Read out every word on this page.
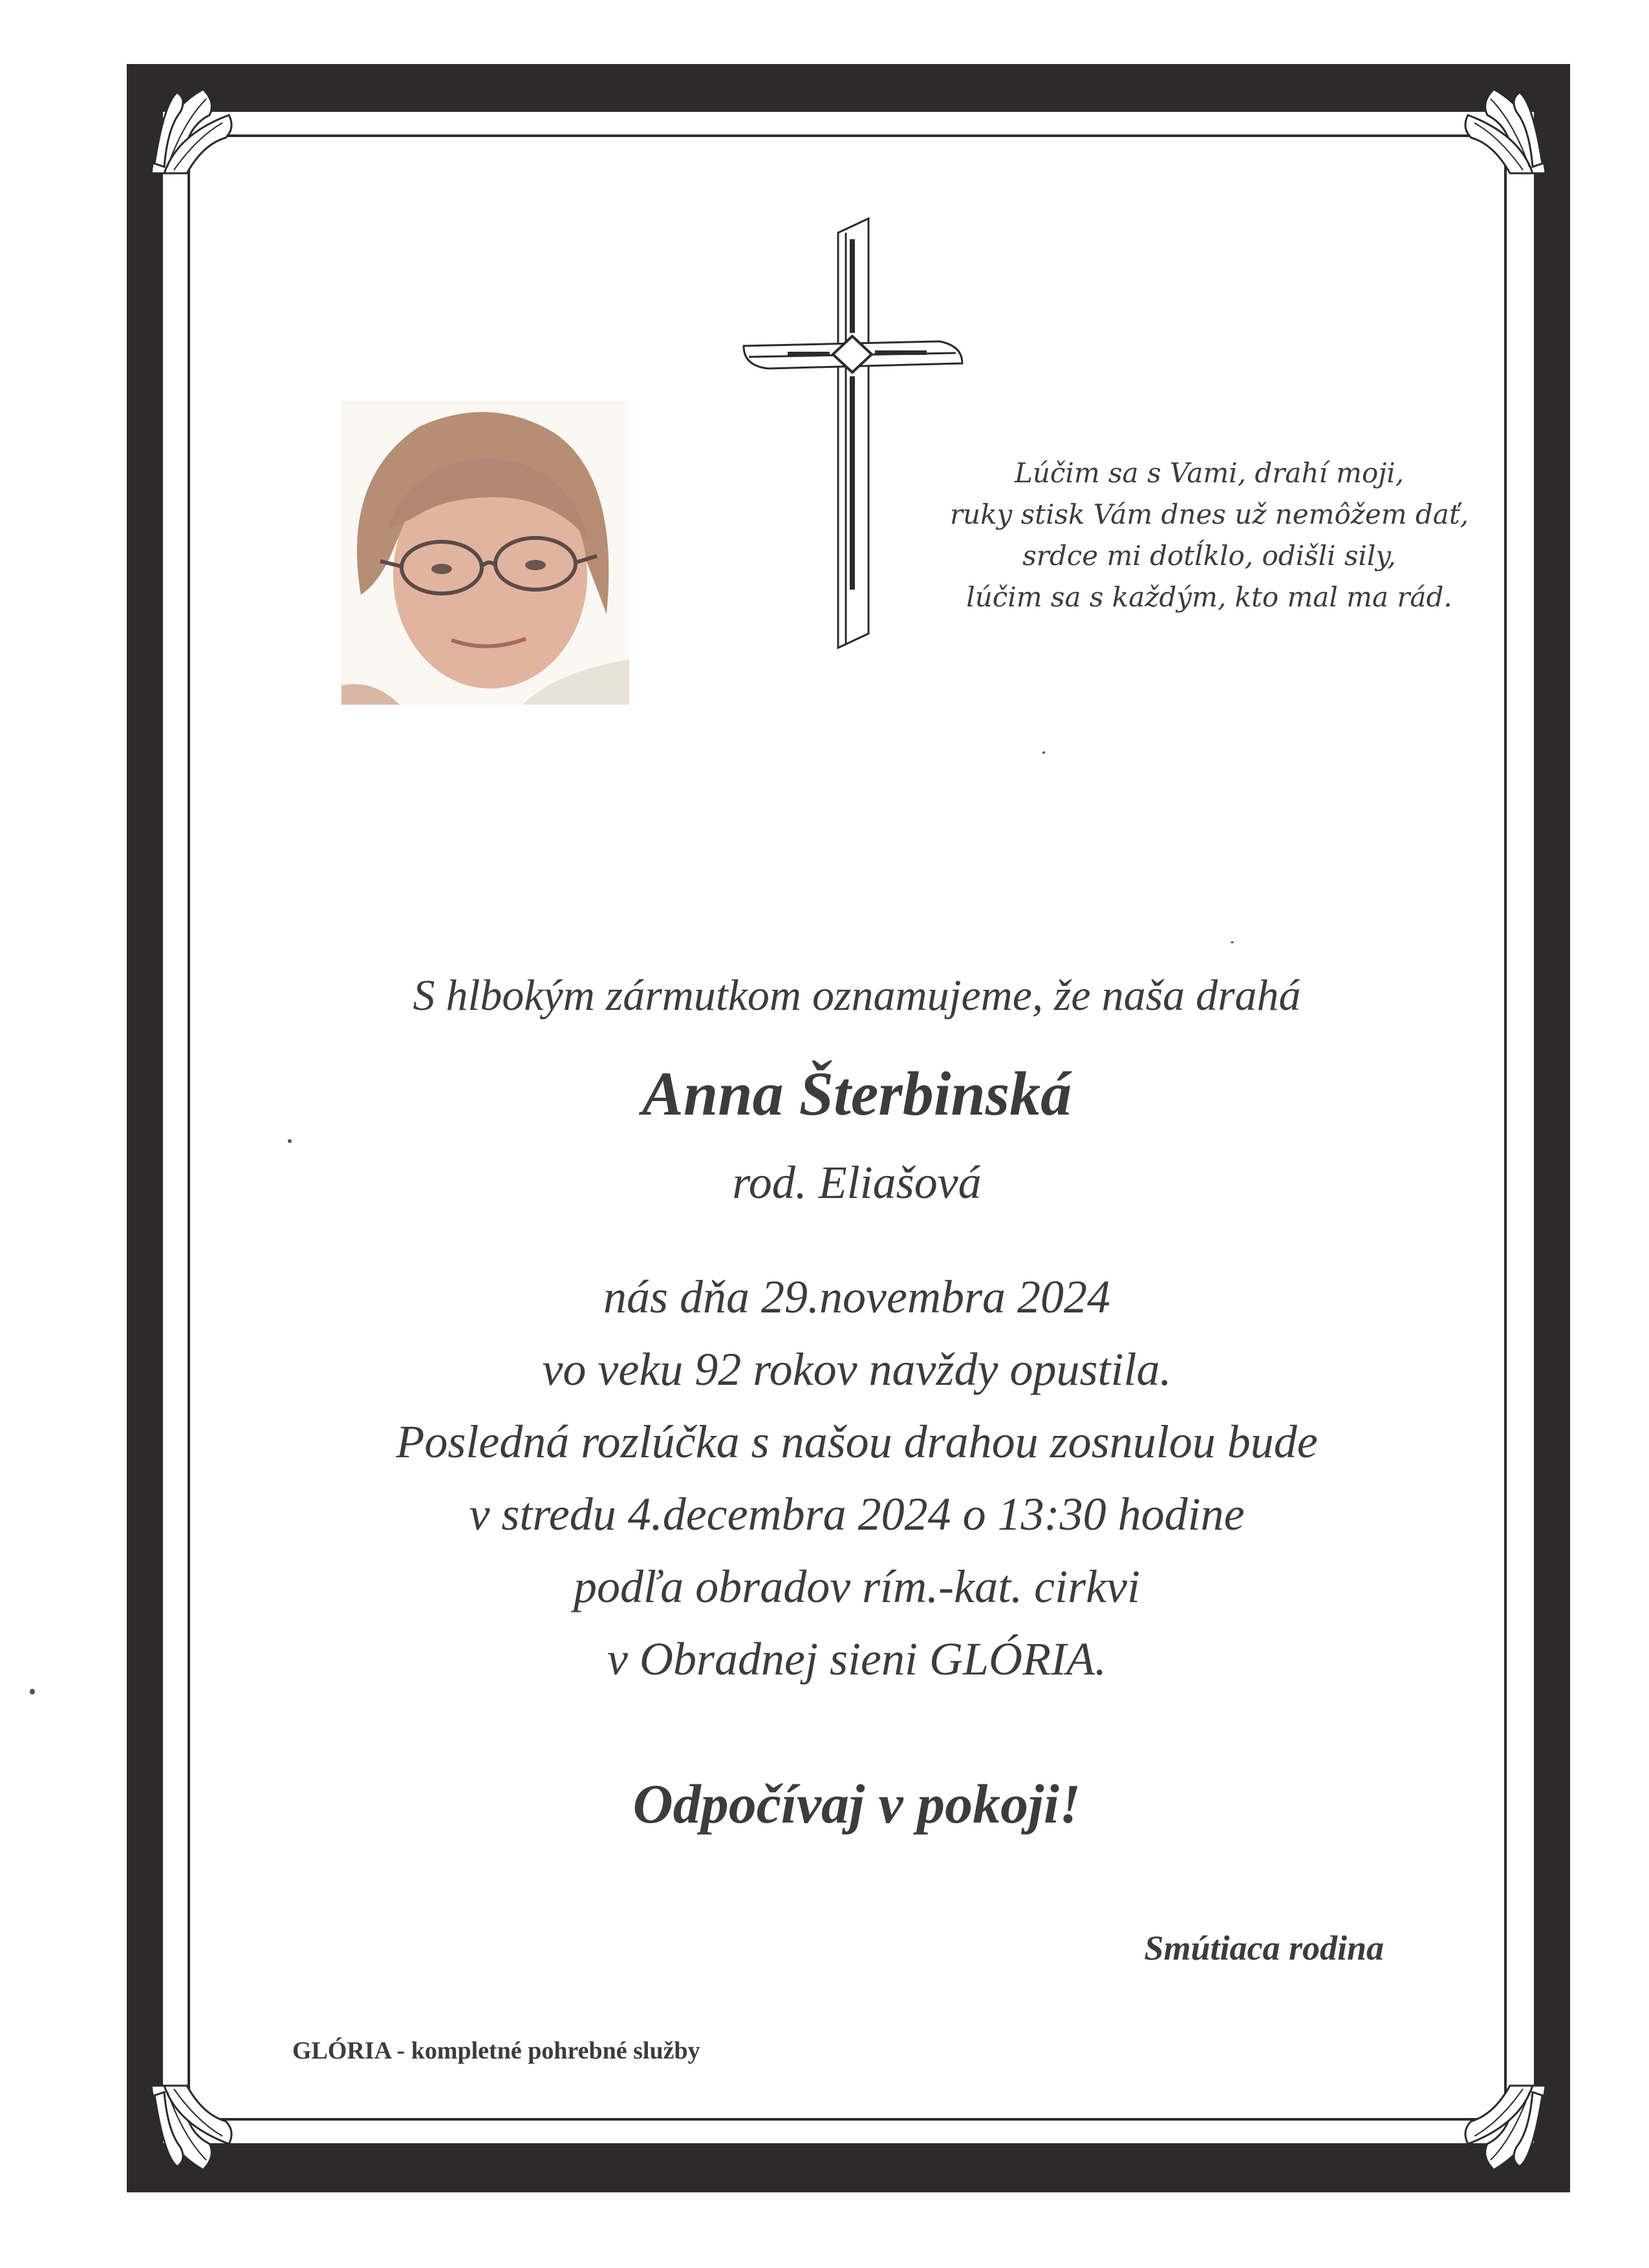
Lúčim sa s Vami, drahí moji,
ruky stisk Vám dnes už nemôžem dať,
srdce mi dotĺklo, odišli sily,
lúčim sa s každým, kto mal ma rád.
S hlbokým zármutkom oznamujeme, že naša drahá
Anna Šterbinská
rod. Eliašová
nás dňa 29.novembra 2024
vo veku 92 rokov navždy opustila.
Posledná rozlúčka s našou drahou zosnulou bude
v stredu 4.decembra 2024 o 13:30 hodine
podľa obradov rím.-kat. cirkvi
v Obradnej sieni GLÓRIA.
Odpočívaj v pokoji!
Smútiaca rodina
GLÓRIA - kompletné pohrebné služby
